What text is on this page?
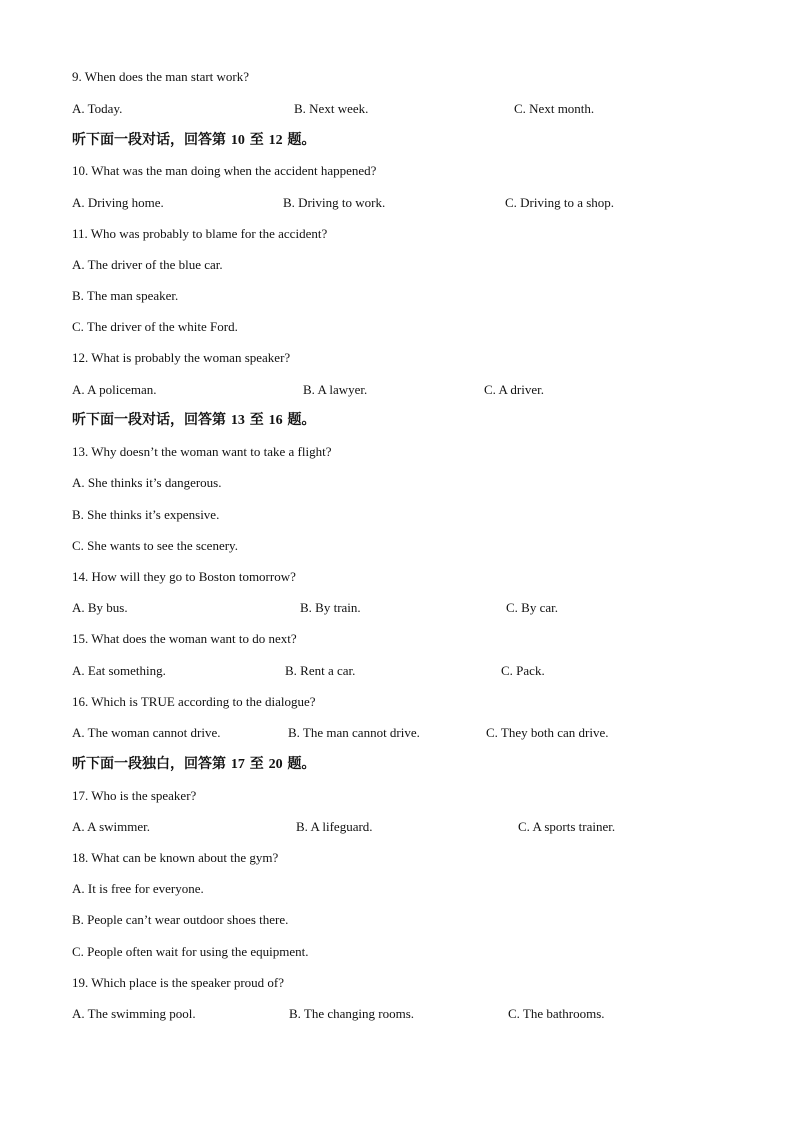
9. When does the man start work?
A. Today.	B. Next week.	C. Next month.
听下面一段对话，回答第 10 至 12 题。
10. What was the man doing when the accident happened?
A. Driving home.	B. Driving to work.	C. Driving to a shop.
11. Who was probably to blame for the accident?
A. The driver of the blue car.
B. The man speaker.
C. The driver of the white Ford.
12. What is probably the woman speaker?
A. A policeman.	B. A lawyer.	C. A driver.
听下面一段对话，回答第 13 至 16 题。
13. Why doesn’t the woman want to take a flight?
A. She thinks it’s dangerous.
B. She thinks it’s expensive.
C. She wants to see the scenery.
14. How will they go to Boston tomorrow?
A. By bus.	B. By train.	C. By car.
15. What does the woman want to do next?
A. Eat something.	B. Rent a car.	C. Pack.
16. Which is TRUE according to the dialogue?
A. The woman cannot drive.	B. The man cannot drive.	C. They both can drive.
听下面一段独白，回答第 17 至 20 题。
17. Who is the speaker?
A. A swimmer.	B. A lifeguard.	C. A sports trainer.
18. What can be known about the gym?
A. It is free for everyone.
B. People can’t wear outdoor shoes there.
C. People often wait for using the equipment.
19. Which place is the speaker proud of?
A. The swimming pool.	B. The changing rooms.	C. The bathrooms.
